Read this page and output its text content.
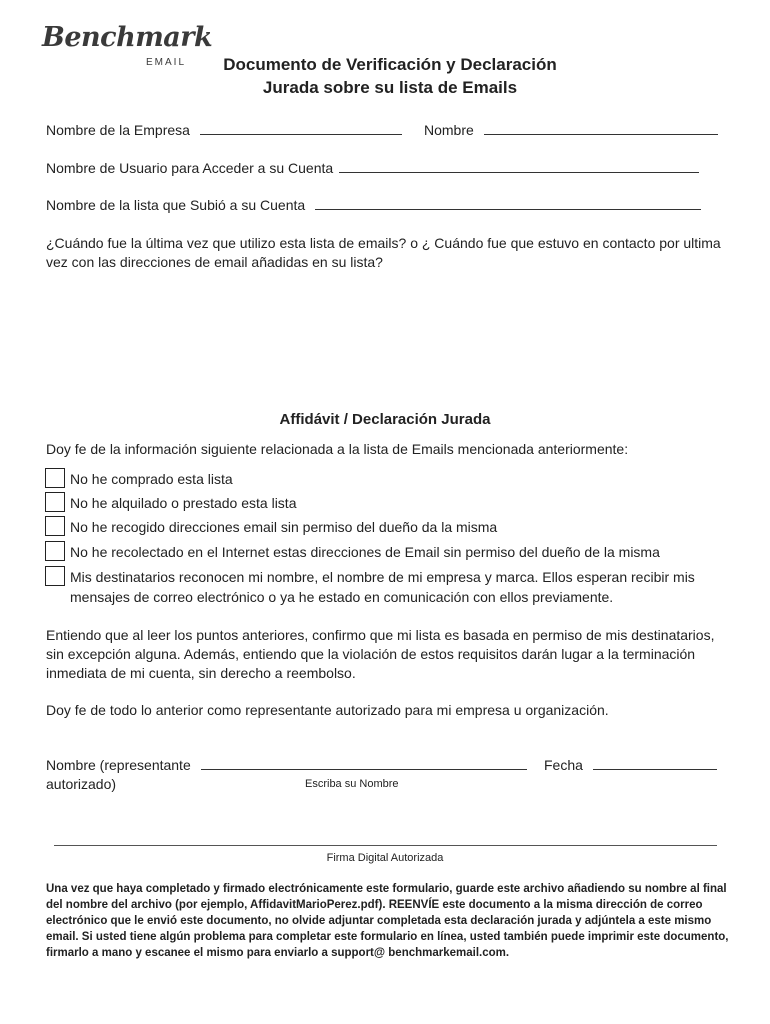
Benchmark
EMAIL	Documento de Verificación y Declaración
Jurada sobre su lista de Emails
Nombre de la Empresa	Nombre
Nombre de Usuario para Acceder a su Cuenta
Nombre de la lista que Subió a su Cuenta

¿Cuándo fue la última vez que utilizo esta lista de emails? o ¿ Cuándo fue que estuvo en contacto por ultima vez con las direcciones de email añadidas en su lista?

Affidávit / Declaración Jurada

Doy fe de la información siguiente relacionada a la lista de Emails mencionada anteriormente:

No he comprado esta lista
No he alquilado o prestado esta lista
No he recogido direcciones email sin permiso del dueño da la misma
No he recolectado en el Internet estas direcciones de Email sin permiso del dueño de la misma
Mis destinatarios reconocen mi nombre, el nombre de mi empresa y marca. Ellos esperan recibir mis mensajes de correo electrónico o ya he estado en comunicación con ellos previamente.

Entiendo que al leer los puntos anteriores, confirmo que mi lista es basada en permiso de mis destinatarios, sin excepción alguna. Además, entiendo que la violación de estos requisitos darán lugar a la terminación inmediata de mi cuenta, sin derecho a reembolso.

Doy fe de todo lo anterior como representante autorizado para mi empresa u organización.

Nombre (representante
autorizado)	Escriba su Nombre
Fecha
Firma Digital Autorizada

Una vez que haya completado y firmado electrónicamente este formulario, guarde este archivo añadiendo su nombre al final del nombre del archivo (por ejemplo, AffidavitMarioPerez.pdf). REENVÍE este documento a la misma dirección de correo electrónico que le envió este documento, no olvide adjuntar completada esta declaración jurada y adjúntela a este mismo email. Si usted tiene algún problema para completar este formulario en línea, usted también puede imprimir este documento, firmarlo a mano y escanee el mismo para enviarlo a support@ benchmarkemail.com.
